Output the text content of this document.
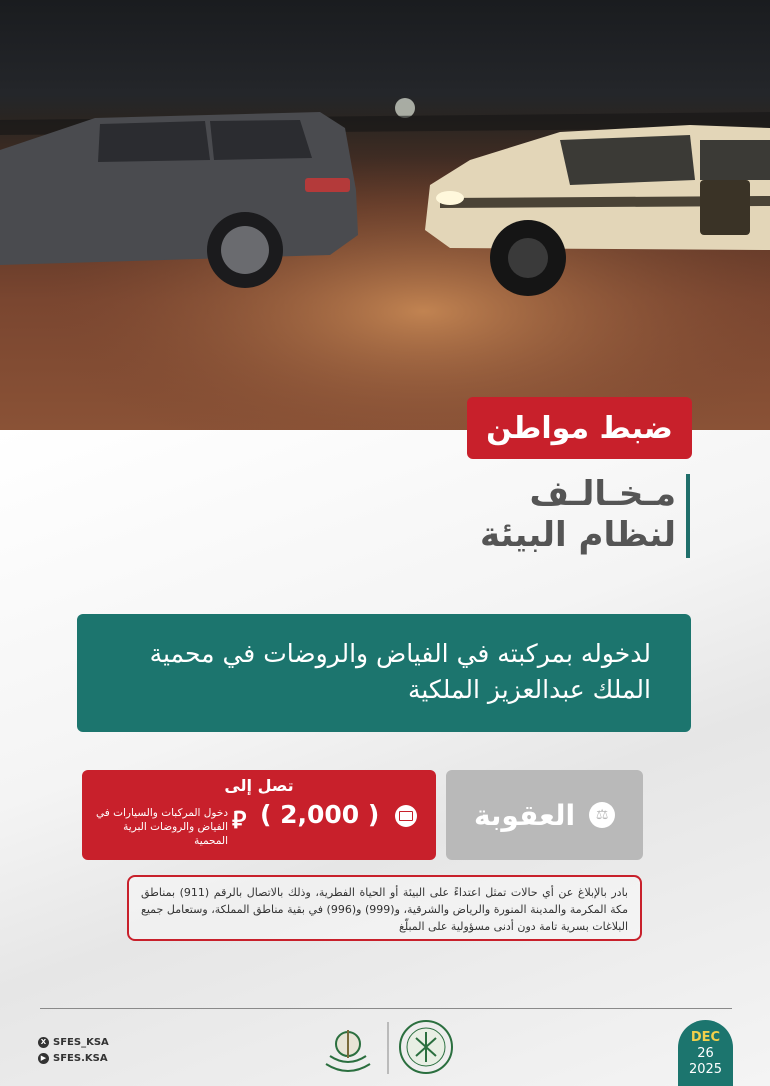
ضبط مواطن
مـخـالـف
لنظام البيئة
لدخوله بمركبته في الفياض والروضات في محمية
الملك عبدالعزيز الملكية
⚖
العقوبة
تصل إلى
( 2,000 )
⃁
دخول المركبات والسيارات في الفياض والروضات البرية المحمية
بادر بالإبلاغ عن أي حالات تمثل اعتداءً على البيئة أو الحياة الفطرية، وذلك بالاتصال بالرقم (911) بمناطق مكة المكرمة والمدينة المنورة والرياض والشرقية، و(999) و(996) في بقية مناطق المملكة، وستعامل جميع البلاغات بسرية تامة دون أدنى مسؤولية على المبلّغ
X SFES_KSA
▶ SFES.KSA
DEC
26
2025
